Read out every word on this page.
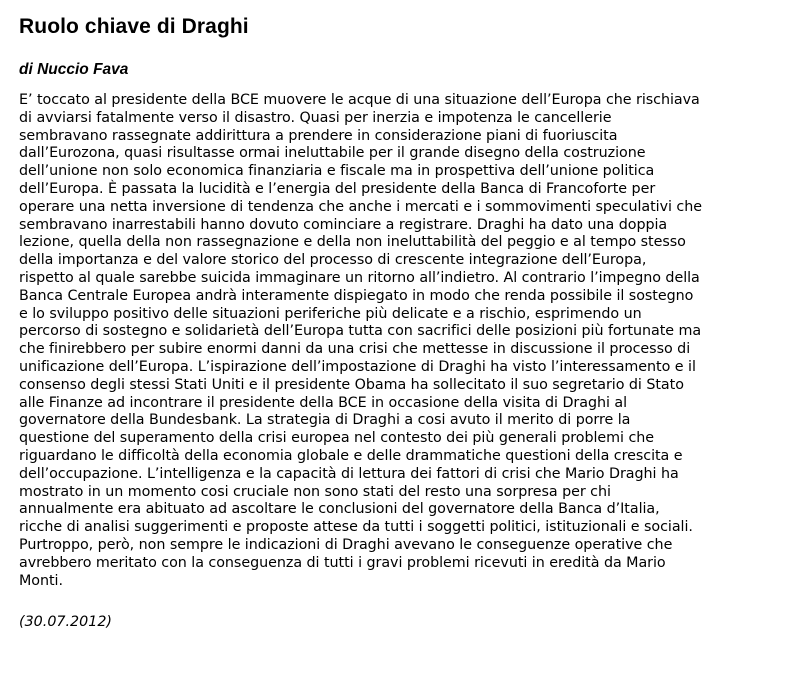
Ruolo chiave di Draghi

di Nuccio Fava

E’ toccato al presidente della BCE muovere le acque di una situazione dell’Europa che rischiava
di avviarsi fatalmente verso il disastro. Quasi per inerzia e impotenza le cancellerie
sembravano rassegnate addirittura a prendere in considerazione piani di fuoriuscita
dall’Eurozona, quasi risultasse ormai ineluttabile per il grande disegno della costruzione
dell’unione non solo economica finanziaria e fiscale ma in prospettiva dell’unione politica
dell’Europa. È passata la lucidità e l’energia del presidente della Banca di Francoforte per
operare una netta inversione di tendenza che anche i mercati e i sommovimenti speculativi che
sembravano inarrestabili hanno dovuto cominciare a registrare. Draghi ha dato una doppia
lezione, quella della non rassegnazione e della non ineluttabilità del peggio e al tempo stesso
della importanza e del valore storico del processo di crescente integrazione dell’Europa,
rispetto al quale sarebbe suicida immaginare un ritorno all’indietro. Al contrario l’impegno della
Banca Centrale Europea andrà interamente dispiegato in modo che renda possibile il sostegno
e lo sviluppo positivo delle situazioni periferiche più delicate e a rischio, esprimendo un
percorso di sostegno e solidarietà dell’Europa tutta con sacrifici delle posizioni più fortunate ma
che finirebbero per subire enormi danni da una crisi che mettesse in discussione il processo di
unificazione dell’Europa. L’ispirazione dell’impostazione di Draghi ha visto l’interessamento e il
consenso degli stessi Stati Uniti e il presidente Obama ha sollecitato il suo segretario di Stato
alle Finanze ad incontrare il presidente della BCE in occasione della visita di Draghi al
governatore della Bundesbank. La strategia di Draghi a cosi avuto il merito di porre la
questione del superamento della crisi europea nel contesto dei più generali problemi che
riguardano le difficoltà della economia globale e delle drammatiche questioni della crescita e
dell’occupazione. L’intelligenza e la capacità di lettura dei fattori di crisi che Mario Draghi ha
mostrato in un momento cosi cruciale non sono stati del resto una sorpresa per chi
annualmente era abituato ad ascoltare le conclusioni del governatore della Banca d’Italia,
ricche di analisi suggerimenti e proposte attese da tutti i soggetti politici, istituzionali e sociali.
Purtroppo, però, non sempre le indicazioni di Draghi avevano le conseguenze operative che
avrebbero meritato con la conseguenza di tutti i gravi problemi ricevuti in eredità da Mario
Monti.

(30.07.2012)
